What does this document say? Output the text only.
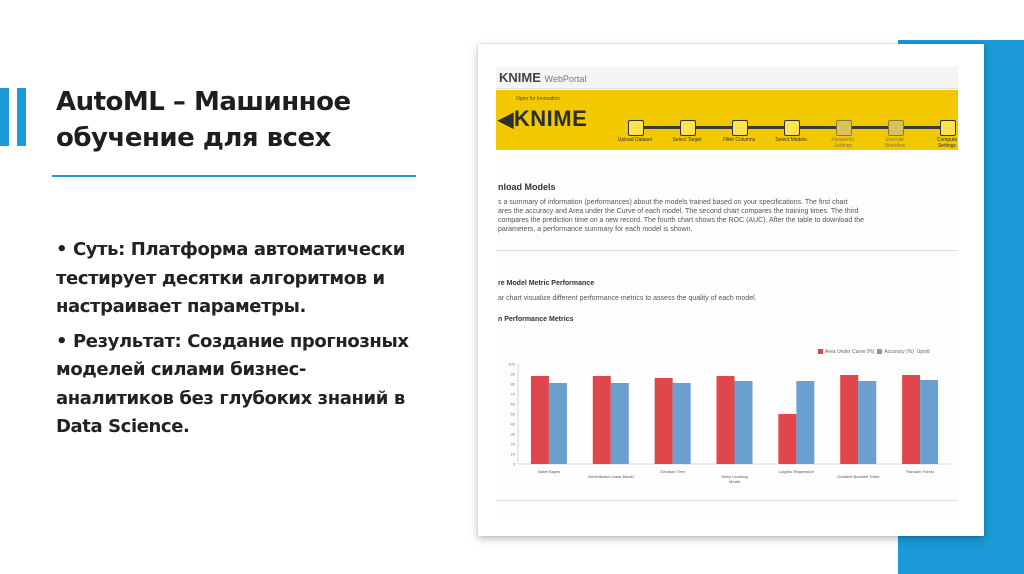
AutoML – Машинное
обучение для всех

• Суть: Платформа автоматически
тестирует десятки алгоритмов и
настраивает параметры.

• Результат: Создание прогнозных
моделей силами бизнес-
аналитиков без глубоких знаний в
Data Science.

KNIME WebPortal
Open for Innovation
◀KNIME
Upload Dataset	Select Target	Filter Columns	Select Models	Parameter Settings
Execute Workflow
Compute Settings
nload Models
s a summary of information (performances) about the models trained based on your specifications. The first chart
ares the accuracy and Area under the Curve of each model. The second chart compares the training times. The third
compares the prediction time on a new record. The fourth chart shows the ROC (AUC). After the table to download the
parameters, a performance summary for each model is shown.
re Model Metric Performance
ar chart visualize different performance metrics to assess the quality of each model.
n Performance Metrics
Area Under Curve (%) Accuracy (%) Upsid
0
10
20
30
40
50
60
70
80
90
100
Naive Bayes
Generalized Linear Model
Decision Tree
Deep Learning
Logistic Regression
Gradient Boosted Trees
Random Forest
Model
